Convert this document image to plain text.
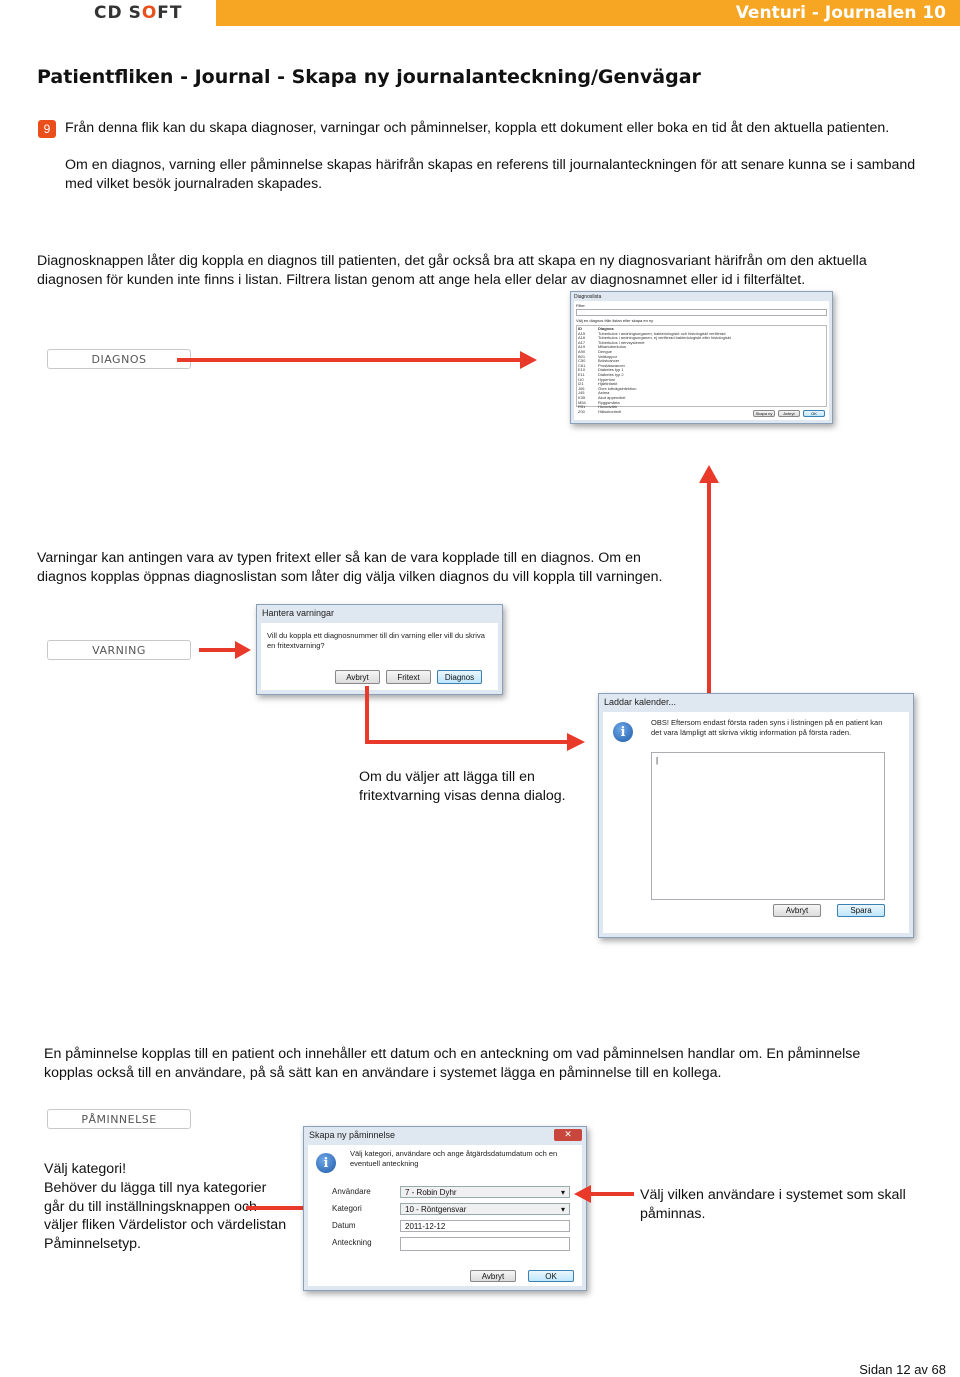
CD SOFT	Venturi - Journalen 10
Patientfliken - Journal - Skapa ny journalanteckning/Genvägar
9	Från denna flik kan du skapa diagnoser, varningar och påminnelser, koppla ett dokument eller boka en tid åt den aktuella patienten.
Om en diagnos, varning eller påminnelse skapas härifrån skapas en referens till journalanteckningen för att senare kunna se i samband med vilket besök journalraden skapades.
Diagnosknappen låter dig koppla en diagnos till patienten, det går också bra att skapa en ny diagnosvariant härifrån om den aktuella diagnosen för kunden inte finns i listan. Filtrera listan genom att ange hela eller delar av diagnosnamnet eller id i filterfältet.
DIAGNOS
Diagnoslista
Filter
Välj en diagnos från listan eller skapa en ny
ID	Diagnos
A15	Tuberkulos i andningsorganen, bakteriologiskt och histologiskt verifierad
A16	Tuberkulos i andningsorganen, ej verifierad bakteriologiskt eller histologiskt
A17	Tuberkulos i nervsystemet
A19	Miliartuberkulos
A90	Dengue
B01	Vattkoppor
C50	Bröstcancer
C61	Prostatacancer
E10	Diabetes typ 1
E11	Diabetes typ 2
I10	Hypertoni
I21	Hjärtinfarkt
J06	Övre luftvägsinfektion
J45	Astma
K35	Akut appendicit
M54	Ryggsmärta
R51	Huvudvärk
Z00	Hälsokontroll	Skapa ny	Avbryt	OK
Varningar kan antingen vara av typen fritext eller så kan de vara kopplade till en diagnos. Om en diagnos kopplas öppnas diagnoslistan som låter dig välja vilken diagnos du vill koppla till varningen.
VARNING
Hantera varningar
Vill du koppla ett diagnosnummer till din varning eller vill du skriva en fritextvarning?
Avbryt	Fritext	Diagnos
Laddar kalender...
i
OBS! Eftersom endast första raden syns i listningen på en patient kan det vara lämpligt att skriva viktig information på första raden.
|
Avbryt	Spara
Om du väljer att lägga till en fritextvarning visas denna dialog.
En påminnelse kopplas till en patient och innehåller ett datum och en anteckning om vad påminnelsen handlar om. En påminnelse kopplas också till en användare, på så sätt kan en användare i systemet lägga en påminnelse till en kollega.
PÅMINNELSE
Välj kategori!
Behöver du lägga till nya kategorier går du till inställningsknappen och väljer fliken Värdelistor och värdelistan Påminnelsetyp.
Skapa ny påminnelse	✕
i
Välj kategori, användare och ange åtgärdsdatumdatum och en eventuell anteckning
Användare	7 - Robin Dyhr	▾
Kategori	10 - Röntgensvar	▾
Datum	2011-12-12
Anteckning
Avbryt	OK
Välj vilken användare i systemet som skall påminnas.
Sidan 12 av 68
